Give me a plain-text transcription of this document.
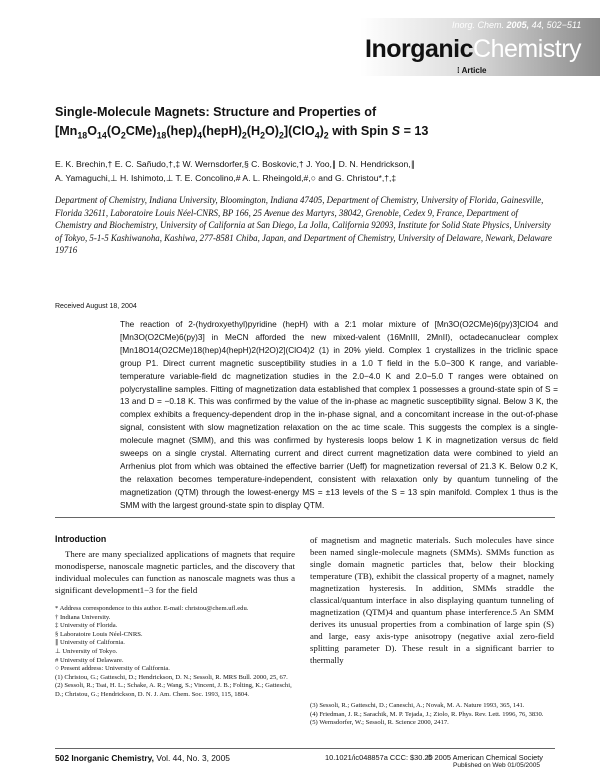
Inorg. Chem. 2005, 44, 502−511
InorganicChemistry
⁞ Article
Single-Molecule Magnets: Structure and Properties of
$[Mn_{18}O_{14}(O_2CMe)_{18}(hep)_4(hepH)_2(H_2O)_2](ClO_4)_2$ with Spin S = 13
E. K. Brechin,† E. C. Sañudo,†,‡ W. Wernsdorfer,§ C. Boskovic,† J. Yoo,∥ D. N. Hendrickson,∥
A. Yamaguchi,⊥ H. Ishimoto,⊥ T. E. Concolino,# A. L. Rheingold,#,○ and G. Christou*,†,‡
Department of Chemistry, Indiana University, Bloomington, Indiana 47405, Department of Chemistry, University of Florida, Gainesville, Florida 32611, Laboratoire Louis Néel-CNRS, BP 166, 25 Avenue des Martyrs, 38042, Grenoble, Cedex 9, France, Department of Chemistry and Biochemistry, University of California at San Diego, La Jolla, California 92093, Institute for Solid State Physics, University of Tokyo, 5-1-5 Kashiwanoha, Kashiwa, 277-8581 Chiba, Japan, and Department of Chemistry, University of Delaware, Newark, Delaware 19716
Received August 18, 2004
The reaction of 2-(hydroxyethyl)pyridine (hepH) with a 2:1 molar mixture of [Mn3O(O2CMe)6(py)3]ClO4 and [Mn3O(O2CMe)6(py)3] in MeCN afforded the new mixed-valent (16MnIII, 2MnII), octadecanuclear complex [Mn18O14(O2CMe)18(hep)4(hepH)2(H2O)2](ClO4)2 (1) in 20% yield. Complex 1 crystallizes in the triclinic space group P1. Direct current magnetic susceptibility studies in a 1.0 T field in the 5.0−300 K range, and variable-temperature variable-field dc magnetization studies in the 2.0−4.0 K and 2.0−5.0 T ranges were obtained on polycrystalline samples. Fitting of magnetization data established that complex 1 possesses a ground-state spin of S = 13 and D = −0.18 K. This was confirmed by the value of the in-phase ac magnetic susceptibility signal. Below 3 K, the complex exhibits a frequency-dependent drop in the in-phase signal, and a concomitant increase in the out-of-phase signal, consistent with slow magnetization relaxation on the ac time scale. This suggests the complex is a single-molecule magnet (SMM), and this was confirmed by hysteresis loops below 1 K in magnetization versus dc field sweeps on a single crystal. Alternating current and direct current magnetization data were combined to yield an Arrhenius plot from which was obtained the effective barrier (Ueff) for magnetization reversal of 21.3 K. Below 0.2 K, the relaxation becomes temperature-independent, consistent with relaxation only by quantum tunneling of the magnetization (QTM) through the lowest-energy MS = ±13 levels of the S = 13 spin manifold. Complex 1 thus is the SMM with the largest ground-state spin to display QTM.
Introduction
There are many specialized applications of magnets that require monodisperse, nanoscale magnetic particles, and the discovery that individual molecules can function as nanoscale magnets was thus a significant development1−3 for the field
of magnetism and magnetic materials. Such molecules have since been named single-molecule magnets (SMMs). SMMs function as single domain magnetic particles that, below their blocking temperature (TB), exhibit the classical property of a magnet, namely magnetization hysteresis. In addition, SMMs straddle the classical/quantum interface in also displaying quantum tunneling of magnetization (QTM)4 and quantum phase interference.5 An SMM derives its unusual properties from a combination of large spin (S) and large, easy axis-type anisotropy (negative axial zero-field splitting parameter D). These result in a significant barrier to thermally
* Address correspondence to this author. E-mail: christou@chem.ufl.edu.
† Indiana University.
‡ University of Florida.
§ Laboratoire Louis Néel-CNRS.
∥ University of California.
⊥ University of Tokyo.
# University of Delaware.
○ Present address: University of California.
(1) Christou, G.; Gatteschi, D.; Hendrickson, D. N.; Sessoli, R. MRS Bull. 2000, 25, 67.
(2) Sessoli, R.; Tsai, H. L.; Schake, A. R.; Wang, S.; Vincent, J. B.; Folting, K.; Gatteschi, D.; Christou, G.; Hendrickson, D. N. J. Am. Chem. Soc. 1993, 115, 1804.
(3) Sessoli, R.; Gatteschi, D.; Caneschi, A.; Novak, M. A. Nature 1993, 365, 141.
(4) Friedman, J. R.; Sarachik, M. P. Tejada, J.; Ziolo, R. Phys. Rev. Lett. 1996, 76, 3830.
(5) Wernsdorfer, W.; Sessoli, R. Science 2000, 2417.
502 Inorganic Chemistry, Vol. 44, No. 3, 2005	10.1021/ic048857a CCC: $30.25
© 2005 American Chemical Society
Published on Web 01/05/2005
